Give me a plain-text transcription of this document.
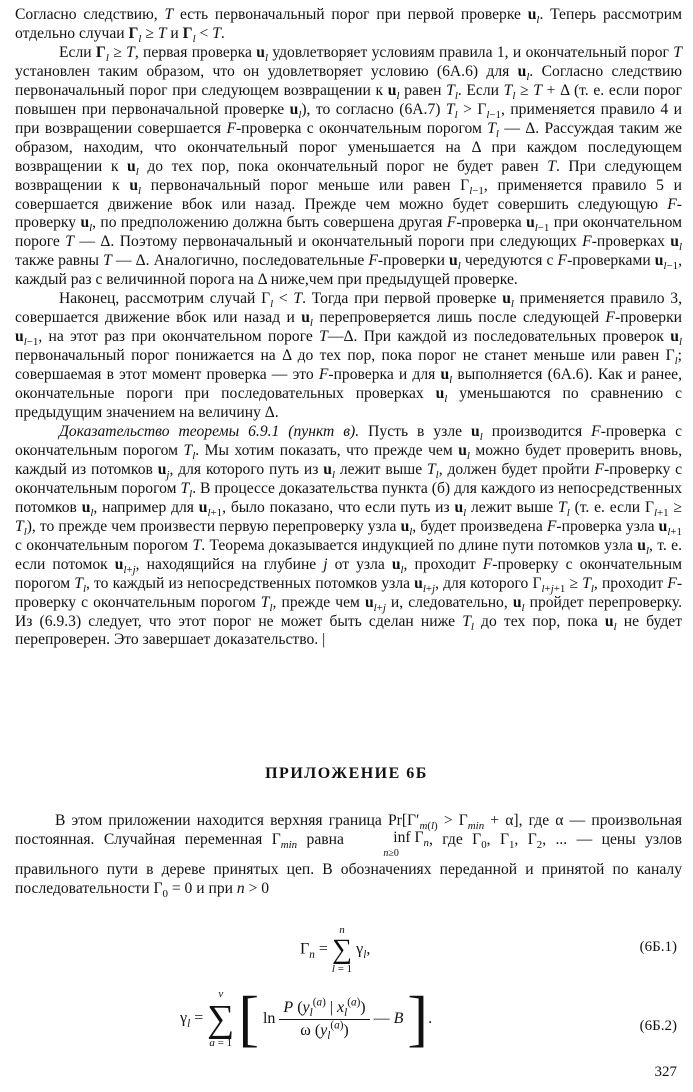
Согласно следствию, T есть первоначальный порог при первой проверке $u_l$. Теперь рассмотрим отдельно случаи $\Gamma_l \ge T$ и $\Gamma_l < T$.

Если $\Gamma_l \ge T$, первая проверка $u_l$ удовлетворяет условиям правила 1, и окончательный порог T установлен таким образом, что он удовлетворяет условию (6А.6) для $u_l$. Согласно следствию первоначальный порог при следующем возвращении к $u_l$ равен $T_l$. Если $T_l \ge T + \Delta$ (т. е. если порог повышен при первоначальной проверке $u_l$), то согласно (6А.7) $T_l > \Gamma_{l-1}$, применяется правило 4 и при возвращении совершается F-проверка с окончательным порогом $T_l$ — Δ. Рассуждая таким же образом, находим, что окончательный порог уменьшается на Δ при каждом последующем возвращении к $u_l$ до тех пор, пока окончательный порог не будет равен T. При следующем возвращении к $u_l$ первоначальный порог меньше или равен $\Gamma_{l-1}$, применяется правило 5 и совершается движение вбок или назад. Прежде чем можно будет совершить следующую F-проверку $u_l$, по предположению должна быть совершена другая F-проверка $u_{l-1}$ при окончательном пороге T — Δ. Поэтому первоначальный и окончательный пороги при следующих F-проверках $u_l$ также равны T — Δ. Аналогично, последовательные F-проверки $u_l$ чередуются с F-проверками $u_{l-1}$, каждый раз с величинной порога на Δ ниже,чем при предыдущей проверке.

Наконец, рассмотрим случай $\Gamma_l < T$. Тогда при первой проверке $u_l$ применяется правило 3, совершается движение вбок или назад и $u_l$ перепроверяется лишь после следующей F-проверки $u_{l-1}$, на этот раз при окончательном пороге T—Δ. При каждой из последовательных проверок $u_l$ первоначальный порог понижается на Δ до тех пор, пока порог не станет меньше или равен $\Gamma_l$; совершаемая в этот момент проверка — это F-проверка и для $u_l$ выполняется (6А.6). Как и ранее, окончательные пороги при последовательных проверках $u_l$ уменьшаются по сравнению с предыдущим значением на величину Δ.

Доказательство теоремы 6.9.1 (пункт в). Пусть в узле $u_l$ производится F-проверка с окончательным порогом $T_l$. Мы хотим показать, что прежде чем $u_l$ можно будет проверить вновь, каждый из потомков $u_j$, для которого путь из $u_l$ лежит выше $T_l$, должен будет пройти F-проверку с окончательным порогом $T_l$. В процессе доказательства пункта (б) для каждого из непосредственных потомков $u_l$, например для $u_{l+1}$, было показано, что если путь из $u_l$ лежит выше $T_l$ (т. е. если $\Gamma_{l+1} \ge T_l$), то прежде чем произвести первую перепроверку узла $u_l$, будет произведена F-проверка узла $u_{l+1}$ с окончательным порогом T. Теорема доказывается индукцией по длине пути потомков узла $u_l$, т. е. если потомок $u_{l+j}$, находящийся на глубине j от узла $u_l$, проходит F-проверку с окончательным порогом $T_l$, то каждый из непосредственных потомков узла $u_{l+j}$, для которого $\Gamma_{l+j+1} \ge T_l$, проходит F-проверку с окончательным порогом $T_l$, прежде чем $u_{l+j}$ и, следовательно, $u_l$ пройдет перепроверку. Из (6.9.3) следует, что этот порог не может быть сделан ниже $T_l$ до тех пор, пока $u_l$ не будет перепроверен. Это завершает доказательство. |

ПРИЛОЖЕНИЕ 6Б

В этом приложении находится верхняя граница $Pr[\Gamma'_{m(l)} > \Gamma_{min} + \alpha]$, где α — произвольная постоянная. Случайная переменная $\Gamma_{min}$ равна	inf $\Gamma_n$
n≥0, где $\Gamma_0$, $\Gamma_1$, $\Gamma_2$, ... — цены узлов правильного пути в дереве принятых цеп. В обозначениях переданной и принятой по каналу последовательности $\Gamma_0 = 0$ и при n > 0

$\Gamma_n$ =
n
∑
l = 1
$\gamma_l$,	(6Б.1)
$\gamma_l$ =
v
∑
a = 1 [ $\ln \frac{P (y_l^{(a)} | x_l^{(a)})}{\omega (y_l^{(a)})}$ — B ].	(6Б.2)
327
